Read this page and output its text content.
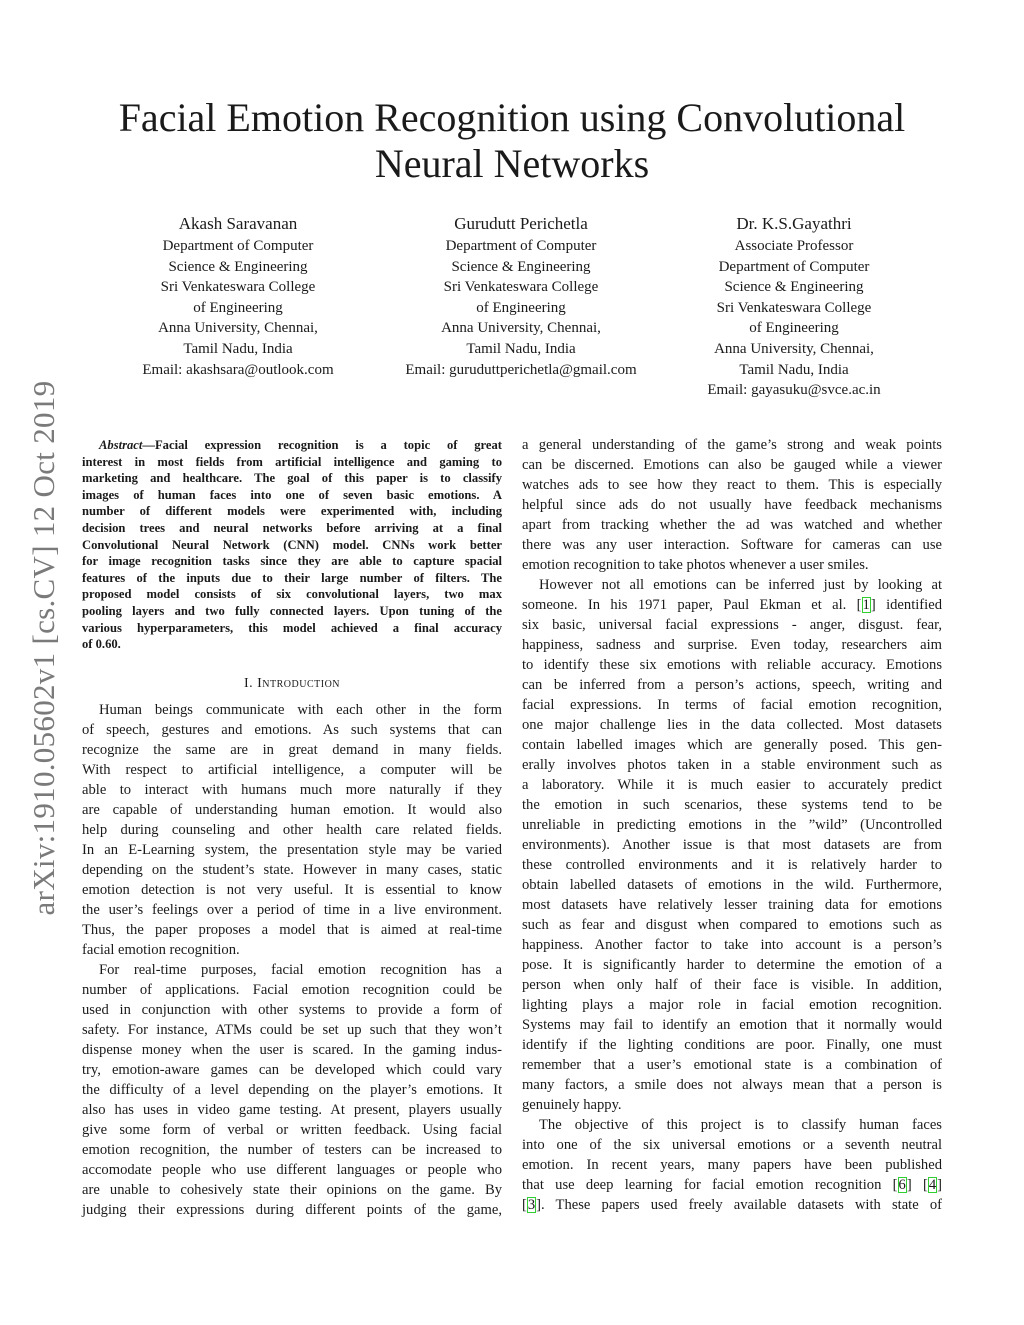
arXiv:1910.05602v1 [cs.CV] 12 Oct 2019
Facial Emotion Recognition using Convolutional
Neural Networks
Akash Saravanan
Department of Computer
Science & Engineering
Sri Venkateswara College
of Engineering
Anna University, Chennai,
Tamil Nadu, India
Email: akashsara@outlook.com
Gurudutt Perichetla
Department of Computer
Science & Engineering
Sri Venkateswara College
of Engineering
Anna University, Chennai,
Tamil Nadu, India
Email: guruduttperichetla@gmail.com
Dr. K.S.Gayathri
Associate Professor
Department of Computer
Science & Engineering
Sri Venkateswara College
of Engineering
Anna University, Chennai,
Tamil Nadu, India
Email: gayasuku@svce.ac.in
Abstract—Facial expression recognition is a topic of great
interest in most fields from artificial intelligence and gaming to
marketing and healthcare. The goal of this paper is to classify
images of human faces into one of seven basic emotions. A
number of different models were experimented with, including
decision trees and neural networks before arriving at a final
Convolutional Neural Network (CNN) model. CNNs work better
for image recognition tasks since they are able to capture spacial
features of the inputs due to their large number of filters. The
proposed model consists of six convolutional layers, two max
pooling layers and two fully connected layers. Upon tuning of the
various hyperparameters, this model achieved a final accuracy
of 0.60.
I. Introduction
Human beings communicate with each other in the form
of speech, gestures and emotions. As such systems that can
recognize the same are in great demand in many fields.
With respect to artificial intelligence, a computer will be
able to interact with humans much more naturally if they
are capable of understanding human emotion. It would also
help during counseling and other health care related fields.
In an E-Learning system, the presentation style may be varied
depending on the student’s state. However in many cases, static
emotion detection is not very useful. It is essential to know
the user’s feelings over a period of time in a live environment.
Thus, the paper proposes a model that is aimed at real-time
facial emotion recognition.
For real-time purposes, facial emotion recognition has a
number of applications. Facial emotion recognition could be
used in conjunction with other systems to provide a form of
safety. For instance, ATMs could be set up such that they won’t
dispense money when the user is scared. In the gaming indus-
try, emotion-aware games can be developed which could vary
the difficulty of a level depending on the player’s emotions. It
also has uses in video game testing. At present, players usually
give some form of verbal or written feedback. Using facial
emotion recognition, the number of testers can be increased to
accomodate people who use different languages or people who
are unable to cohesively state their opinions on the game. By
judging their expressions during different points of the game,
a general understanding of the game’s strong and weak points
can be discerned. Emotions can also be gauged while a viewer
watches ads to see how they react to them. This is especially
helpful since ads do not usually have feedback mechanisms
apart from tracking whether the ad was watched and whether
there was any user interaction. Software for cameras can use
emotion recognition to take photos whenever a user smiles.
However not all emotions can be inferred just by looking at
someone. In his 1971 paper, Paul Ekman et al. [1] identified
six basic, universal facial expressions - anger, disgust. fear,
happiness, sadness and surprise. Even today, researchers aim
to identify these six emotions with reliable accuracy. Emotions
can be inferred from a person’s actions, speech, writing and
facial expressions. In terms of facial emotion recognition,
one major challenge lies in the data collected. Most datasets
contain labelled images which are generally posed. This gen-
erally involves photos taken in a stable environment such as
a laboratory. While it is much easier to accurately predict
the emotion in such scenarios, these systems tend to be
unreliable in predicting emotions in the ”wild” (Uncontrolled
environments). Another issue is that most datasets are from
these controlled environments and it is relatively harder to
obtain labelled datasets of emotions in the wild. Furthermore,
most datasets have relatively lesser training data for emotions
such as fear and disgust when compared to emotions such as
happiness. Another factor to take into account is a person’s
pose. It is significantly harder to determine the emotion of a
person when only half of their face is visible. In addition,
lighting plays a major role in facial emotion recognition.
Systems may fail to identify an emotion that it normally would
identify if the lighting conditions are poor. Finally, one must
remember that a user’s emotional state is a combination of
many factors, a smile does not always mean that a person is
genuinely happy.
The objective of this project is to classify human faces
into one of the six universal emotions or a seventh neutral
emotion. In recent years, many papers have been published
that use deep learning for facial emotion recognition [6] [4]
[3]. These papers used freely available datasets with state of
